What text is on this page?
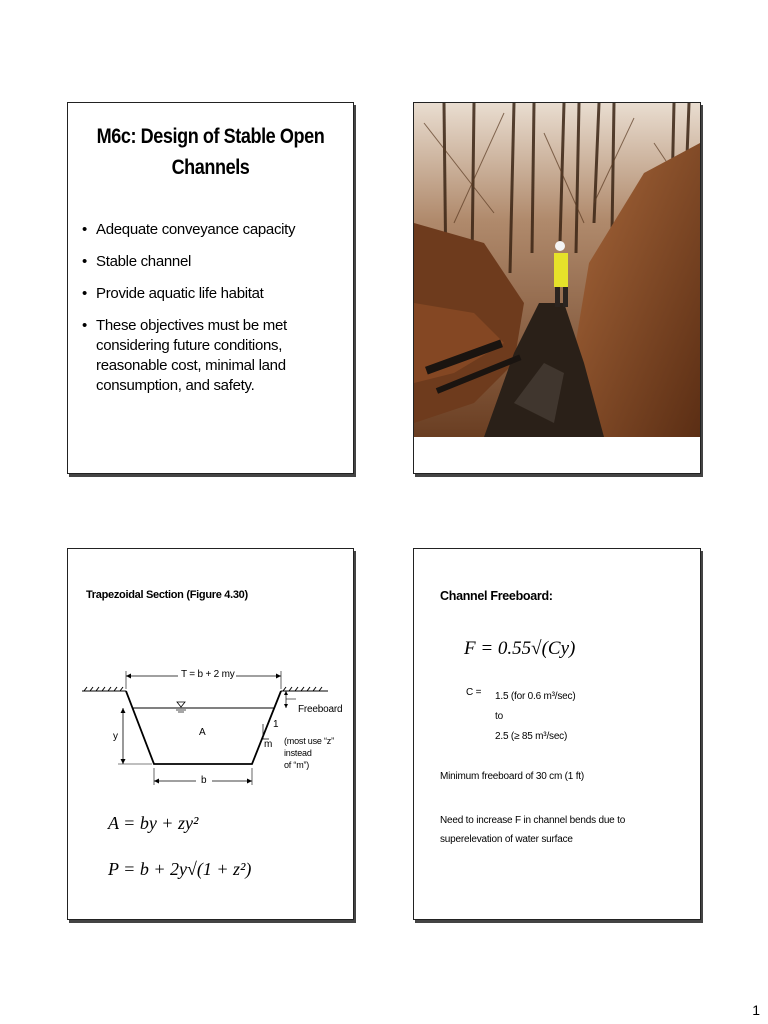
M6c: Design of Stable Open
Channels
• Adequate conveyance capacity
• Stable channel
• Provide aquatic life habitat
• These objectives must be met considering future conditions, reasonable cost, minimal land consumption, and safety.
Trapezoidal Section (Figure 4.30)
T = b + 2 my
Freeboard
y	A
1
m (most use “z” instead
of “m”)
b
A = by + zy²
P = b + 2y√(1 + z²)
Channel Freeboard:
F = 0.55√(Cy)
C = 1.5 (for 0.6 m³/sec)
to
2.5 (≥ 85 m³/sec)
Minimum freeboard of 30 cm (1 ft)
Need to increase F in channel bends due to
superelevation of water surface
1
